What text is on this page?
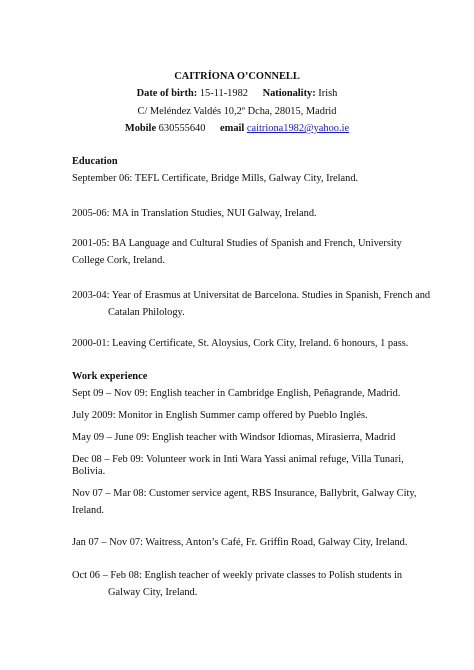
CAITRÍONA O’CONNELL
Date of birth: 15-11-1982 Nationality: Irish
C/ Meléndez Valdés 10,2º Dcha, 28015, Madrid
Mobile 630555640 email caitriona1982@yahoo.ie
Education
September 06: TEFL Certificate, Bridge Mills, Galway City, Ireland.
2005-06: MA in Translation Studies, NUI Galway, Ireland.
2001-05: BA Language and Cultural Studies of Spanish and French, University
College Cork, Ireland.
2003-04: Year of Erasmus at Universitat de Barcelona. Studies in Spanish, French and
Catalan Philology.
2000-01: Leaving Certificate, St. Aloysius, Cork City, Ireland. 6 honours, 1 pass.
Work experience
Sept 09 – Nov 09: English teacher in Cambridge English, Peñagrande, Madrid.
July 2009: Monitor in English Summer camp offered by Pueblo Inglés.
May 09 – June 09: English teacher with Windsor Idiomas, Mirasierra, Madrid
Dec 08 – Feb 09: Volunteer work in Inti Wara Yassi animal refuge, Villa Tunari,
Bolivia.
Nov 07 – Mar 08: Customer service agent, RBS Insurance, Ballybrit, Galway City,
Ireland.
Jan 07 – Nov 07: Waitress, Anton’s Café, Fr. Griffin Road, Galway City, Ireland.
Oct 06 – Feb 08: English teacher of weekly private classes to Polish students in
Galway City, Ireland.
